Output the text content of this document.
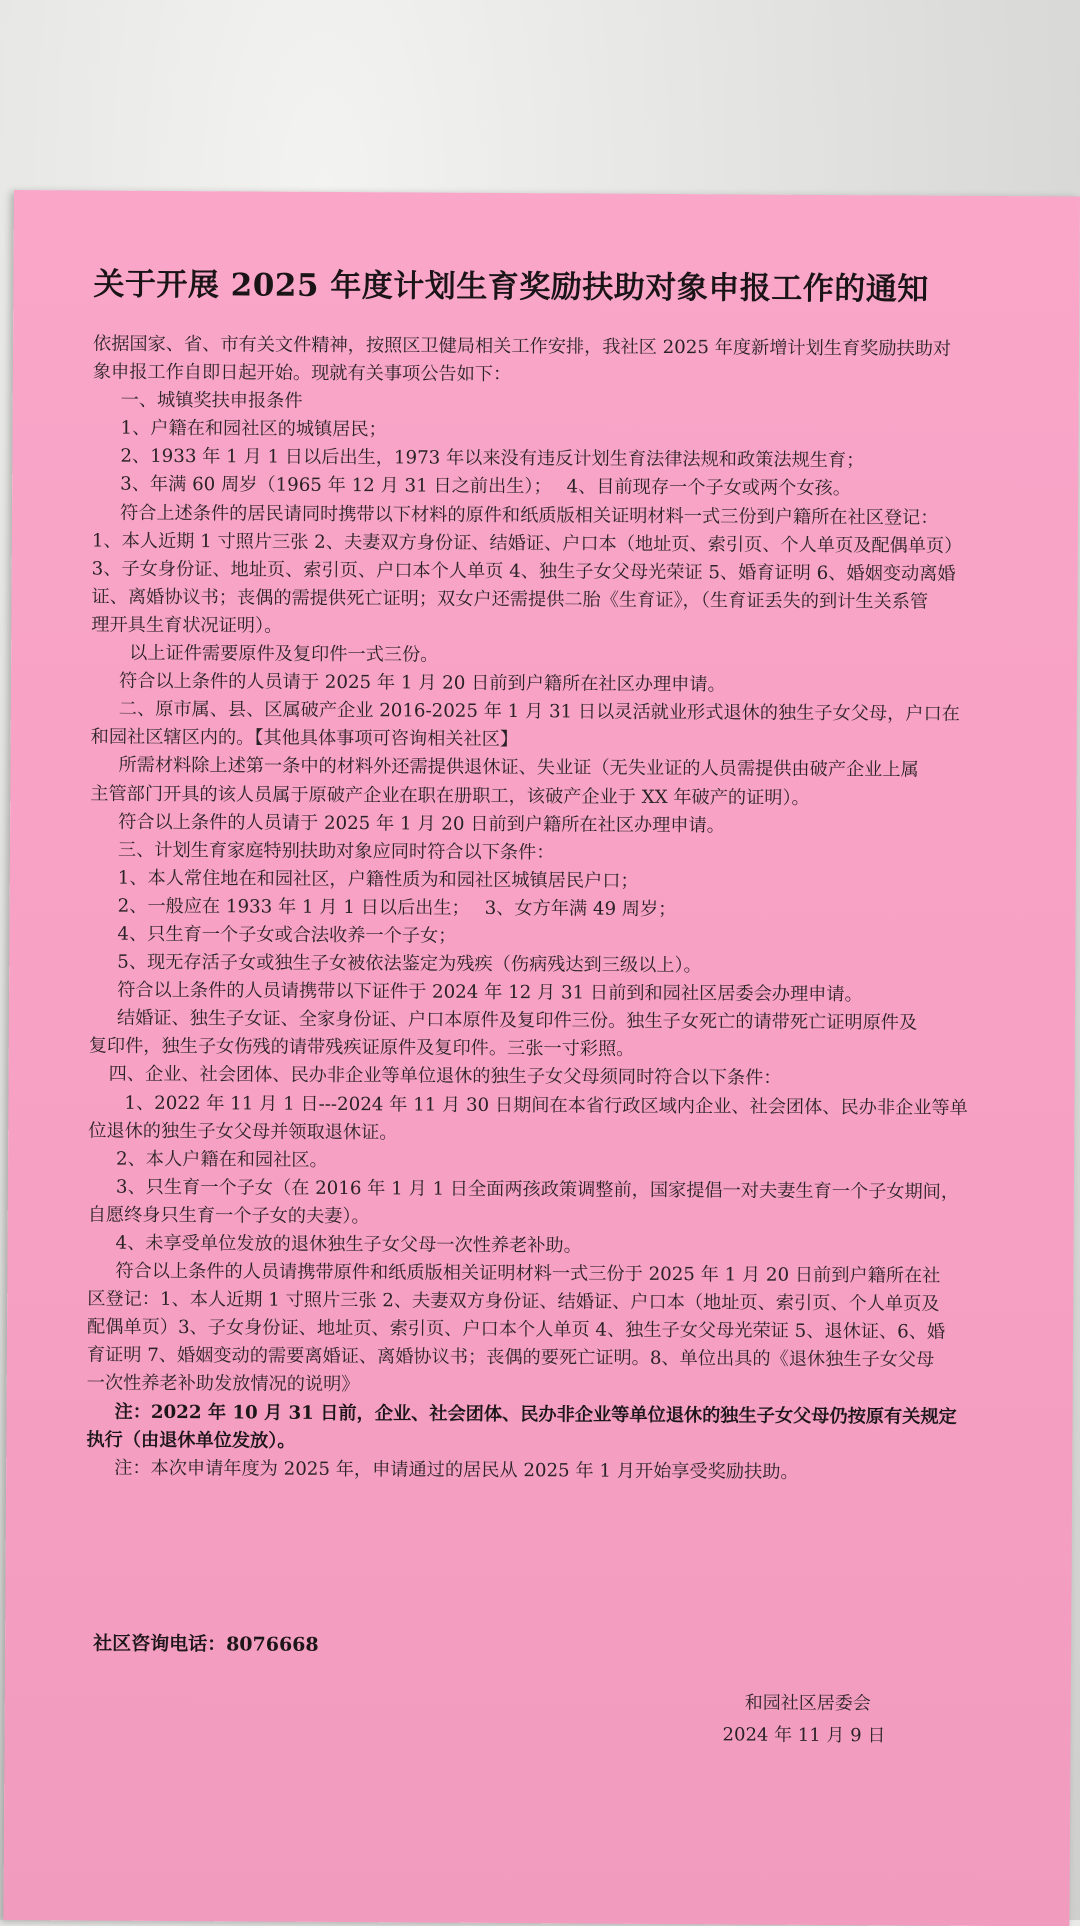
关于开展 2025 年度计划生育奖励扶助对象申报工作的通知
依据国家、省、市有关文件精神，按照区卫健局相关工作安排，我社区 2025 年度新增计划生育奖励扶助对
象申报工作自即日起开始。现就有关事项公告如下：
一、城镇奖扶申报条件
1、户籍在和园社区的城镇居民；
2、1933 年 1 月 1 日以后出生，1973 年以来没有违反计划生育法律法规和政策法规生育；
3、年满 60 周岁（1965 年 12 月 31 日之前出生）；　 4、目前现存一个子女或两个女孩。
符合上述条件的居民请同时携带以下材料的原件和纸质版相关证明材料一式三份到户籍所在社区登记：
1、本人近期 1 寸照片三张 2、夫妻双方身份证、结婚证、户口本（地址页、索引页、个人单页及配偶单页）
3、子女身份证、地址页、索引页、户口本个人单页 4、独生子女父母光荣证 5、婚育证明 6、婚姻变动离婚
证、离婚协议书；丧偶的需提供死亡证明；双女户还需提供二胎《生育证》，（生育证丢失的到计生关系管
理开具生育状况证明）。
以上证件需要原件及复印件一式三份。
符合以上条件的人员请于 2025 年 1 月 20 日前到户籍所在社区办理申请。
二、原市属、县、区属破产企业 2016-2025 年 1 月 31 日以灵活就业形式退休的独生子女父母，户口在
和园社区辖区内的。【其他具体事项可咨询相关社区】
所需材料除上述第一条中的材料外还需提供退休证、失业证（无失业证的人员需提供由破产企业上属
主管部门开具的该人员属于原破产企业在职在册职工，该破产企业于 XX 年破产的证明）。
符合以上条件的人员请于 2025 年 1 月 20 日前到户籍所在社区办理申请。
三、计划生育家庭特别扶助对象应同时符合以下条件：
1、本人常住地在和园社区，户籍性质为和园社区城镇居民户口；
2、一般应在 1933 年 1 月 1 日以后出生；　 3、女方年满 49 周岁；
4、只生育一个子女或合法收养一个子女；
5、现无存活子女或独生子女被依法鉴定为残疾（伤病残达到三级以上）。
符合以上条件的人员请携带以下证件于 2024 年 12 月 31 日前到和园社区居委会办理申请。
结婚证、独生子女证、全家身份证、户口本原件及复印件三份。独生子女死亡的请带死亡证明原件及
复印件，独生子女伤残的请带残疾证原件及复印件。三张一寸彩照。
四、企业、社会团体、民办非企业等单位退休的独生子女父母须同时符合以下条件：
1、2022 年 11 月 1 日---2024 年 11 月 30 日期间在本省行政区域内企业、社会团体、民办非企业等单
位退休的独生子女父母并领取退休证。
2、本人户籍在和园社区。
3、只生育一个子女（在 2016 年 1 月 1 日全面两孩政策调整前，国家提倡一对夫妻生育一个子女期间，
自愿终身只生育一个子女的夫妻）。
4、未享受单位发放的退休独生子女父母一次性养老补助。
符合以上条件的人员请携带原件和纸质版相关证明材料一式三份于 2025 年 1 月 20 日前到户籍所在社
区登记：1、本人近期 1 寸照片三张 2、夫妻双方身份证、结婚证、户口本（地址页、索引页、个人单页及
配偶单页）3、子女身份证、地址页、索引页、户口本个人单页 4、独生子女父母光荣证 5、退休证、6、婚
育证明 7、婚姻变动的需要离婚证、离婚协议书；丧偶的要死亡证明。8、单位出具的《退休独生子女父母
一次性养老补助发放情况的说明》
注：2022 年 10 月 31 日前，企业、社会团体、民办非企业等单位退休的独生子女父母仍按原有关规定
执行（由退休单位发放）。
注：本次申请年度为 2025 年，申请通过的居民从 2025 年 1 月开始享受奖励扶助。
社区咨询电话：8076668
和园社区居委会
2024 年 11 月 9 日
